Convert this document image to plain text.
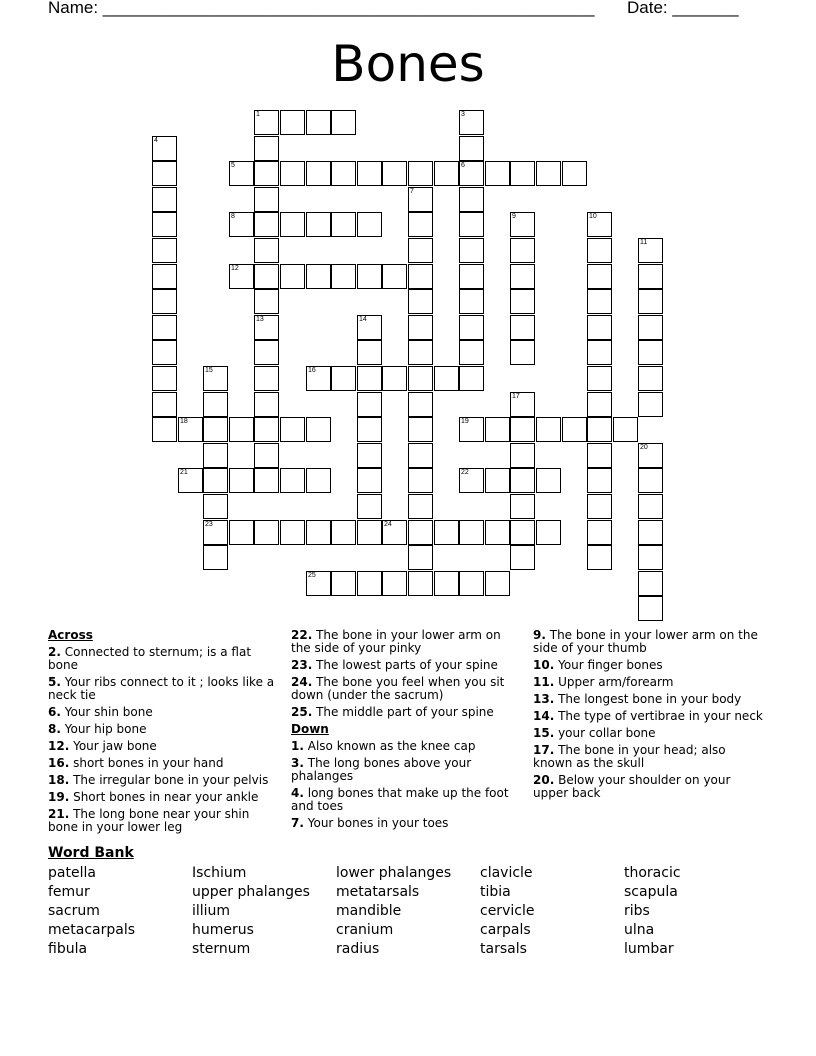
Name: ____________________________________________________ Date: _______
Bones
1
5	6
8
12
16
18	19
21	22
23	24
25
13
3
4
7
9	10
11
14
15
17
20
Across
2. Connected to sternum; is a flat bone
5. Your ribs connect to it ; looks like a neck tie
6. Your shin bone
8. Your hip bone
12. Your jaw bone
16. short bones in your hand
18. The irregular bone in your pelvis
19. Short bones in near your ankle
21. The long bone near your shin bone in your lower leg
22. The bone in your lower arm on the side of your pinky
23. The lowest parts of your spine
24. The bone you feel when you sit down (under the sacrum)
25. The middle part of your spine
Down
1. Also known as the knee cap
3. The long bones above your phalanges
4. long bones that make up the foot and toes
7. Your bones in your toes
9. The bone in your lower arm on the side of your thumb
10. Your finger bones
11. Upper arm/forearm
13. The longest bone in your body
14. The type of vertibrae in your neck
15. your collar bone
17. The bone in your head; also known as the skull
20. Below your shoulder on your upper back
Word Bank
patella
femur
sacrum
metacarpals
fibula
Ischium
upper phalanges
illium
humerus
sternum
lower phalanges
metatarsals
mandible
cranium
radius
clavicle
tibia
cervicle
carpals
tarsals
thoracic
scapula
ribs
ulna
lumbar
